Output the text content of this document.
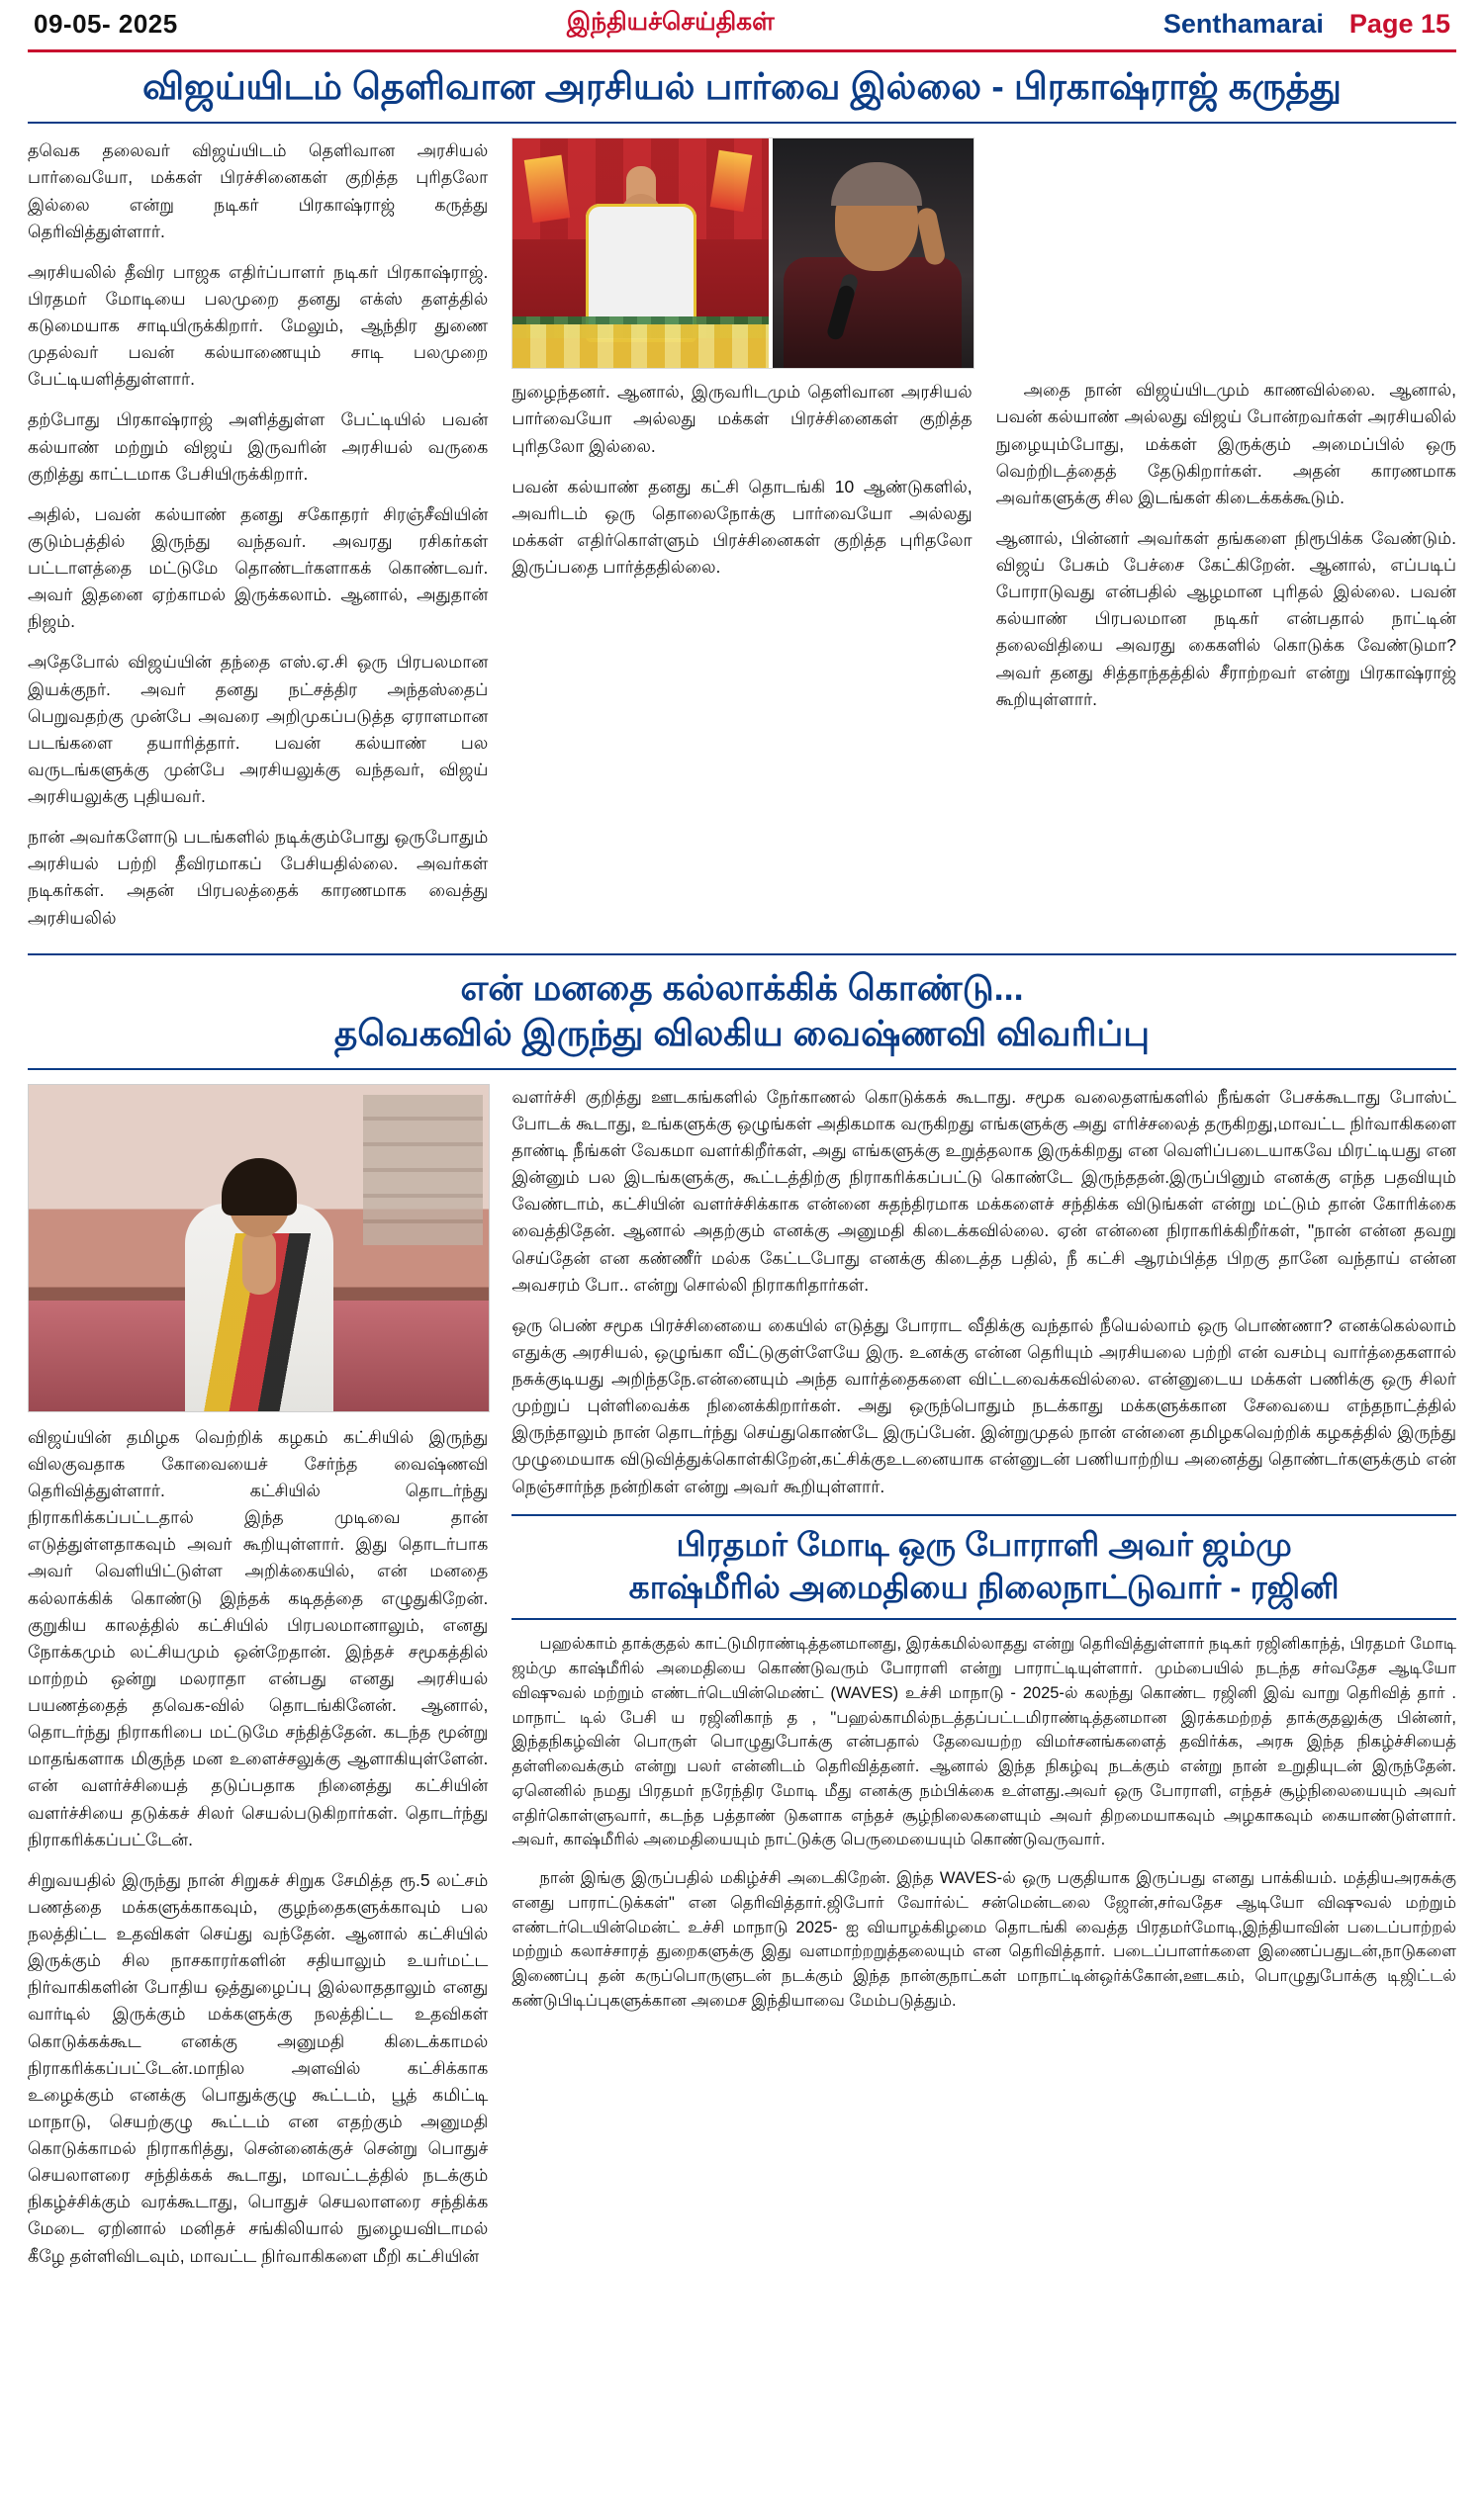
09-05- 2025	இந்தியச்செய்திகள்	Senthamarai Page 15
விஜய்யிடம் தெளிவான அரசியல் பார்வை இல்லை - பிரகாஷ்ராஜ் கருத்து

தவெக தலைவர் விஜய்யிடம் தெளிவான அரசியல் பார்வையோ, மக்கள் பிரச்சினைகள் குறித்த புரிதலோ இல்லை என்று நடிகர் பிரகாஷ்ராஜ் கருத்து தெரிவித்துள்ளார்.

அரசியலில் தீவிர பாஜக எதிர்ப்பாளர் நடிகர் பிரகாஷ்ராஜ். பிரதமர் மோடியை பலமுறை தனது எக்ஸ் தளத்தில் கடுமையாக சாடியிருக்கிறார். மேலும், ஆந்திர துணை முதல்வர் பவன் கல்யாணையும் சாடி பலமுறை பேட்டியளித்துள்ளார்.

தற்போது பிரகாஷ்ராஜ் அளித்துள்ள பேட்டியில் பவன் கல்யாண் மற்றும் விஜய் இருவரின் அரசியல் வருகை குறித்து காட்டமாக பேசியிருக்கிறார்.

அதில், பவன் கல்யாண் தனது சகோதரர் சிரஞ்சீவியின் குடும்பத்தில் இருந்து வந்தவர். அவரது ரசிகர்கள் பட்டாளத்தை மட்டுமே தொண்டர்களாகக் கொண்டவர். அவர் இதனை ஏற்காமல் இருக்கலாம். ஆனால், அதுதான் நிஜம்.

அதேபோல் விஜய்யின் தந்தை எஸ்.ஏ.சி ஒரு பிரபலமான இயக்குநர். அவர் தனது நட்சத்திர அந்தஸ்தைப் பெறுவதற்கு முன்பே அவரை அறிமுகப்படுத்த ஏராளமான படங்களை தயாரித்தார். பவன் கல்யாண் பல வருடங்களுக்கு முன்பே அரசியலுக்கு வந்தவர், விஜய் அரசியலுக்கு புதியவர்.

நான் அவர்களோடு படங்களில் நடிக்கும்போது ஒருபோதும் அரசியல் பற்றி தீவிரமாகப் பேசியதில்லை. அவர்கள் நடிகர்கள். அதன் பிரபலத்தைக் காரணமாக வைத்து அரசியலில்

நுழைந்தனர். ஆனால், இருவரிடமும் தெளிவான அரசியல் பார்வையோ அல்லது மக்கள் பிரச்சினைகள் குறித்த புரிதலோ இல்லை.

பவன் கல்யாண் தனது கட்சி தொடங்கி 10 ஆண்டுகளில், அவரிடம் ஒரு தொலைநோக்கு பார்வையோ அல்லது மக்கள் எதிர்கொள்ளும் பிரச்சினைகள் குறித்த புரிதலோ இருப்பதை பார்த்ததில்லை.

அதை நான் விஜய்யிடமும் காணவில்லை. ஆனால், பவன் கல்யாண் அல்லது விஜய் போன்றவர்கள் அரசியலில் நுழையும்போது, மக்கள் இருக்கும் அமைப்பில் ஒரு வெற்றிடத்தைத் தேடுகிறார்கள். அதன் காரணமாக அவர்களுக்கு சில இடங்கள் கிடைக்கக்கூடும்.

ஆனால், பின்னர் அவர்கள் தங்களை நிரூபிக்க வேண்டும். விஜய் பேசும் பேச்சை கேட்கிறேன். ஆனால், எப்படிப் போராடுவது என்பதில் ஆழமான புரிதல் இல்லை. பவன் கல்யாண் பிரபலமான நடிகர் என்பதால் நாட்டின் தலைவிதியை அவரது கைகளில் கொடுக்க வேண்டுமா? அவர் தனது சித்தாந்தத்தில் சீராற்றவர் என்று பிரகாஷ்ராஜ் கூறியுள்ளார்.

என் மனதை கல்லாக்கிக் கொண்டு...
தவெகவில் இருந்து விலகிய வைஷ்ணவி விவரிப்பு

விஜய்யின் தமிழக வெற்றிக் கழகம் கட்சியில் இருந்து விலகுவதாக கோவையைச் சேர்ந்த வைஷ்ணவி தெரிவித்துள்ளார். கட்சியில் தொடர்ந்து நிராகரிக்கப்பட்டதால் இந்த முடிவை தான் எடுத்துள்ளதாகவும் அவர் கூறியுள்ளார். இது தொடர்பாக அவர் வெளியிட்டுள்ள அறிக்கையில், என் மனதை கல்லாக்கிக் கொண்டு இந்தக் கடிதத்தை எழுதுகிறேன். குறுகிய காலத்தில் கட்சியில் பிரபலமானாலும், எனது நோக்கமும் லட்சியமும் ஒன்றேதான். இந்தச் சமூகத்தில் மாற்றம் ஒன்று மலராதா என்பது எனது அரசியல் பயணத்தைத் தவெக-வில் தொடங்கினேன். ஆனால், தொடர்ந்து நிராகரிபை மட்டுமே சந்தித்தேன். கடந்த மூன்று மாதங்களாக மிகுந்த மன உளைச்சலுக்கு ஆளாகியுள்ளேன். என் வளர்ச்சியைத் தடுப்பதாக நினைத்து கட்சியின் வளர்ச்சியை தடுக்கச் சிலர் செயல்படுகிறார்கள். தொடர்ந்து நிராகரிக்கப்பட்டேன்.

சிறுவயதில் இருந்து நான் சிறுகச் சிறுக சேமித்த ரூ.5 லட்சம் பணத்தை மக்களுக்காகவும், குழந்தைகளுக்காவும் பல நலத்திட்ட உதவிகள் செய்து வந்தேன். ஆனால் கட்சியில் இருக்கும் சில நாசகாரர்களின் சதியாலும் உயர்மட்ட நிர்வாகிகளின் போதிய ஒத்துழைப்பு இல்லாததாலும் எனது வார்டில் இருக்கும் மக்களுக்கு நலத்திட்ட உதவிகள் கொடுக்கக்கூட எனக்கு அனுமதி கிடைக்காமல் நிராகரிக்கப்பட்டேன்.மாநில அளவில் கட்சிக்காக உழைக்கும் எனக்கு பொதுக்குழு கூட்டம், பூத் கமிட்டி மாநாடு, செயற்குழு கூட்டம் என எதற்கும் அனுமதி கொடுக்காமல் நிராகரித்து, சென்னைக்குச் சென்று பொதுச் செயலாளரை சந்திக்கக் கூடாது, மாவட்டத்தில் நடக்கும் நிகழ்ச்சிக்கும் வரக்கூடாது, பொதுச் செயலாளரை சந்திக்க மேடை ஏறினால் மனிதச் சங்கிலியால் நுழையவிடாமல் கீழே தள்ளிவிடவும், மாவட்ட நிர்வாகிகளை மீறி கட்சியின்

வளர்ச்சி குறித்து ஊடகங்களில் நேர்காணல் கொடுக்கக் கூடாது. சமூக வலைதளங்களில் நீங்கள் பேசக்கூடாது போஸ்ட் போடக் கூடாது, உங்களுக்கு ஒழுங்கள் அதிகமாக வருகிறது எங்களுக்கு அது எரிச்சலைத் தருகிறது,மாவட்ட நிர்வாகிகளை தாண்டி நீங்கள் வேகமா வளர்கிறீர்கள், அது எங்களுக்கு உறுத்தலாக இருக்கிறது என வெளிப்படையாகவே மிரட்டியது என இன்னும் பல இடங்களுக்கு, கூட்டத்திற்கு நிராகரிக்கப்பட்டு கொண்டே இருந்ததன்.இருப்பினும் எனக்கு எந்த பதவியும் வேண்டாம், கட்சியின் வளர்ச்சிக்காக என்னை சுதந்திரமாக மக்களைச் சந்திக்க விடுங்கள் என்று மட்டும் தான் கோரிக்கை வைத்திதேன். ஆனால் அதற்கும் எனக்கு அனுமதி கிடைக்கவில்லை. ஏன் என்னை நிராகரிக்கிறீர்கள், "நான் என்ன தவறு செய்தேன் என கண்ணீர் மல்க கேட்டபோது எனக்கு கிடைத்த பதில், நீ கட்சி ஆரம்பித்த பிறகு தானே வந்தாய் என்ன அவசரம் போ.. என்று சொல்லி நிராகரிதார்கள்.

ஒரு பெண் சமூக பிரச்சினையை கையில் எடுத்து போராட வீதிக்கு வந்தால் நீயெல்லாம் ஒரு பொண்ணா? எனக்கெல்லாம் எதுக்கு அரசியல், ஒழுங்கா வீட்டுகுள்ளேயே இரு. உனக்கு என்ன தெரியும் அரசியலை பற்றி என் வசம்பு வார்த்தைகளால் நசுக்குடியது அறிந்தநே.என்னையும் அந்த வார்த்தைகளை விட்டவைக்கவில்லை. என்னுடைய மக்கள் பணிக்கு ஒரு சிலர் முற்றுப் புள்ளிவைக்க நினைக்கிறார்கள். அது ஒருந்பொதும் நடக்காது மக்களுக்கான சேவையை எந்தநாட்த்தில் இருந்தாலும் நான் தொடர்ந்து செய்துகொண்டே இருப்பேன். இன்றுமுதல் நான் என்னை தமிழகவெற்றிக் கழகத்தில் இருந்து முழுமையாக விடுவித்துக்கொள்கிறேன்,கட்சிக்குஉடனையாக என்னுடன் பணியாற்றிய அனைத்து தொண்டர்களுக்கும் என் நெஞ்சார்ந்த நன்றிகள் என்று அவர் கூறியுள்ளார்.

பிரதமர் மோடி ஒரு போராளி அவர் ஜம்மு
காஷ்மீரில் அமைதியை நிலைநாட்டுவார் - ரஜினி

பஹல்காம் தாக்குதல் காட்டுமிராண்டித்தனமானது, இரக்கமில்லாதது என்று தெரிவித்துள்ளார் நடிகர் ரஜினிகாந்த், பிரதமர் மோடி ஜம்மு காஷ்மீரில் அமைதியை கொண்டுவரும் போராளி என்று பாராட்டியுள்ளார். மும்பையில் நடந்த சர்வதேச ஆடியோ விஷுவல் மற்றும் எண்டர்டெயின்மெண்ட் (WAVES) உச்சி மாநாடு - 2025-ல் கலந்து கொண்ட ரஜினி இவ் வாறு தெரிவித் தார் . மாநாட் டில் பேசி ய ரஜினிகாந் த , "பஹல்காமில்நடத்தப்பட்டமிராண்டித்தனமான இரக்கமற்றத் தாக்குதலுக்கு பின்னர், இந்தநிகழ்வின் பொருள் பொழுதுபோக்கு என்பதால் தேவையற்ற விமர்சனங்களைத் தவிர்க்க, அரசு இந்த நிகழ்ச்சியைத் தள்ளிவைக்கும் என்று பலர் என்னிடம் தெரிவித்தனர். ஆனால் இந்த நிகழ்வு நடக்கும் என்று நான் உறுதியுடன் இருந்தேன். ஏனெனில் நமது பிரதமர் நரேந்திர மோடி மீது எனக்கு நம்பிக்கை உள்ளது.அவர் ஒரு போராளி, எந்தச் சூழ்நிலையையும் அவர் எதிர்கொள்ளுவார், கடந்த பத்தாண் டுகளாக எந்தச் சூழ்நிலைகளையும் அவர் திறமையாகவும் அழகாகவும் கையாண்டுள்ளார். அவர், காஷ்மீரில் அமைதியையும் நாட்டுக்கு பெருமையையும் கொண்டுவருவார்.

நான் இங்கு இருப்பதில் மகிழ்ச்சி அடைகிறேன். இந்த WAVES-ல் ஒரு பகுதியாக இருப்பது எனது பாக்கியம். மத்தியஅரசுக்கு எனது பாராட்டுக்கள்" என தெரிவித்தார்.ஜிபோர் வோர்ல்ட் சன்மென்டலை ஜோன்,சர்வதேச ஆடியோ விஷுவல் மற்றும் எண்டர்டெயின்மென்ட் உச்சி மாநாடு 2025- ஐ வியாழக்கிழமை தொடங்கி வைத்த பிரதமர்மோடி,இந்தியாவின் படைப்பாற்றல் மற்றும் கலாச்சாரத் துறைகளுக்கு இது வளமாற்றறுத்தலையும் என தெரிவித்தார். படைப்பாளர்களை இணைப்பதுடன்,நாடுகளை இணைப்பு தன் கருப்பொருளுடன் நடக்கும் இந்த நான்குநாட்கள் மாநாட்டின்ஒர்க்கோன்,ஊடகம், பொழுதுபோக்கு டிஜிட்டல் கண்டுபிடிப்புகளுக்கான அமைச இந்தியாவை மேம்படுத்தும்.
